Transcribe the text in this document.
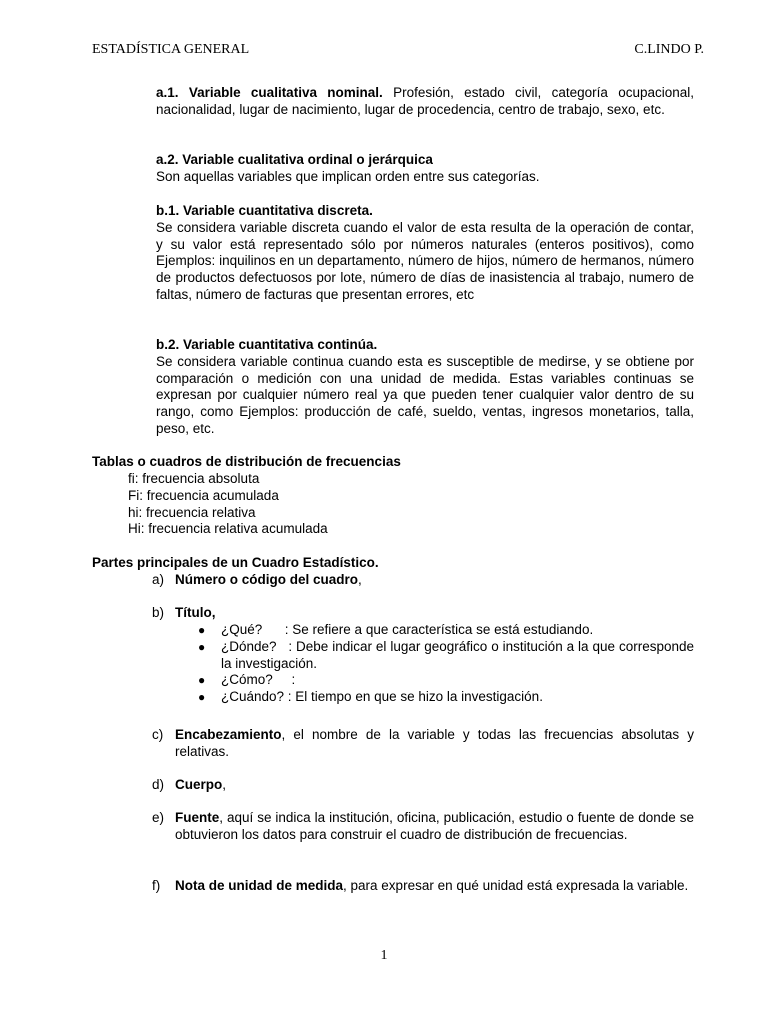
ESTADÍSTICA GENERAL	C.LINDO P.
a.1. Variable cualitativa nominal. Profesión, estado civil, categoría ocupacional, nacionalidad, lugar de nacimiento, lugar de procedencia, centro de trabajo, sexo, etc.
a.2. Variable cualitativa ordinal o jerárquica
Son aquellas variables que implican orden entre sus categorías.
b.1. Variable cuantitativa discreta.
Se considera variable discreta cuando el valor de esta resulta de la operación de contar, y su valor está representado sólo por números naturales (enteros positivos), como Ejemplos: inquilinos en un departamento, número de hijos, número de hermanos, número de productos defectuosos por lote, número de días de inasistencia al trabajo, numero de faltas, número de facturas que presentan errores, etc
b.2. Variable cuantitativa continúa.
Se considera variable continua cuando esta es susceptible de medirse, y se obtiene por comparación o medición con una unidad de medida. Estas variables continuas se expresan por cualquier número real ya que pueden tener cualquier valor dentro de su rango, como Ejemplos: producción de café, sueldo, ventas, ingresos monetarios, talla, peso, etc.
Tablas o cuadros de distribución de frecuencias
fi: frecuencia absoluta
Fi: frecuencia acumulada
hi: frecuencia relativa
Hi: frecuencia relativa acumulada
Partes principales de un Cuadro Estadístico.
a) Número o código del cuadro,
b) Título,
●	¿Qué?      : Se refiere a que característica se está estudiando.
●	¿Dónde?   : Debe indicar el lugar geográfico o institución a la que corresponde la investigación.
●	¿Cómo?     :
●	¿Cuándo? : El tiempo en que se hizo la investigación.
c) Encabezamiento, el nombre de la variable y todas las frecuencias absolutas y relativas.
d) Cuerpo,
e) Fuente, aquí se indica la institución, oficina, publicación, estudio o fuente de donde se obtuvieron los datos para construir el cuadro de distribución de frecuencias.
f)	Nota de unidad de medida, para expresar en qué unidad está expresada la variable.
1
